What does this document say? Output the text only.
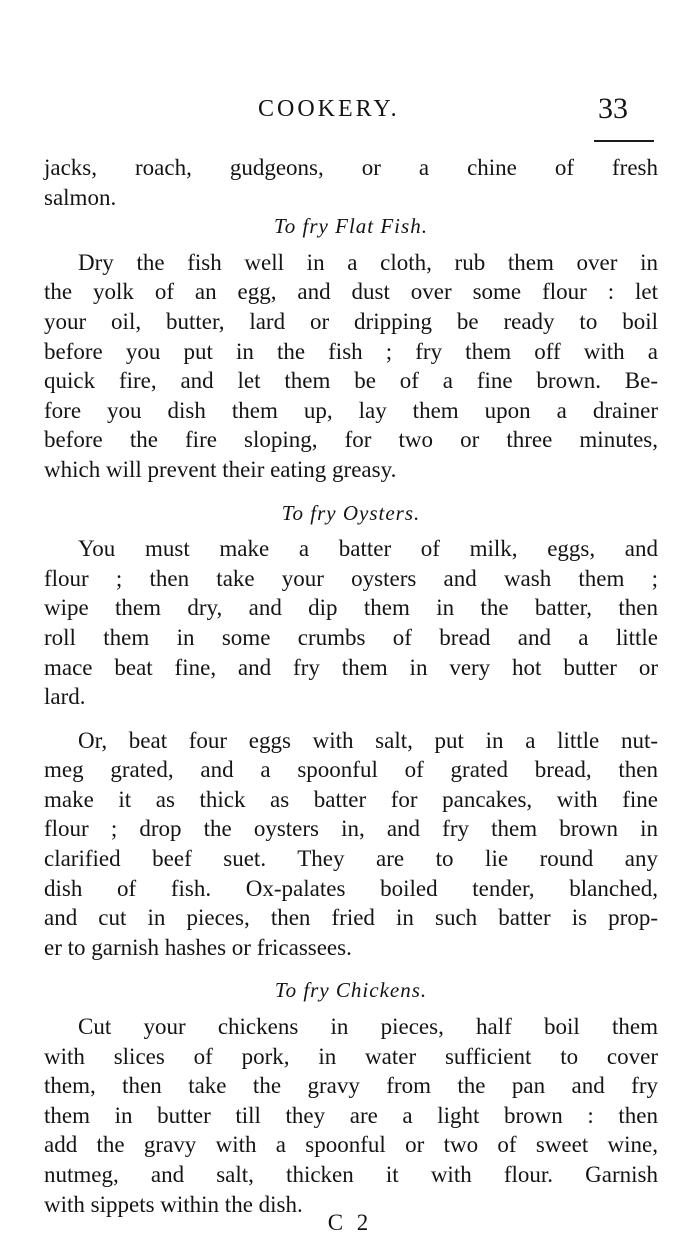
COOKERY.	33
jacks, roach, gudgeons, or a chine of fresh
salmon.
To fry Flat Fish.
Dry the fish well in a cloth, rub them over in
the yolk of an egg, and dust over some flour : let
your oil, butter, lard or dripping be ready to boil
before you put in the fish ; fry them off with a
quick fire, and let them be of a fine brown. Be-
fore you dish them up, lay them upon a drainer
before the fire sloping, for two or three minutes,
which will prevent their eating greasy.
To fry Oysters.
You must make a batter of milk, eggs, and
flour ; then take your oysters and wash them ;
wipe them dry, and dip them in the batter, then
roll them in some crumbs of bread and a little
mace beat fine, and fry them in very hot butter or
lard.
Or, beat four eggs with salt, put in a little nut-
meg grated, and a spoonful of grated bread, then
make it as thick as batter for pancakes, with fine
flour ; drop the oysters in, and fry them brown in
clarified beef suet. They are to lie round any
dish of fish. Ox-palates boiled tender, blanched,
and cut in pieces, then fried in such batter is prop-
er to garnish hashes or fricassees.
To fry Chickens.
Cut your chickens in pieces, half boil them
with slices of pork, in water sufficient to cover
them, then take the gravy from the pan and fry
them in butter till they are a light brown : then
add the gravy with a spoonful or two of sweet wine,
nutmeg, and salt, thicken it with flour. Garnish
with sippets within the dish.
C 2
